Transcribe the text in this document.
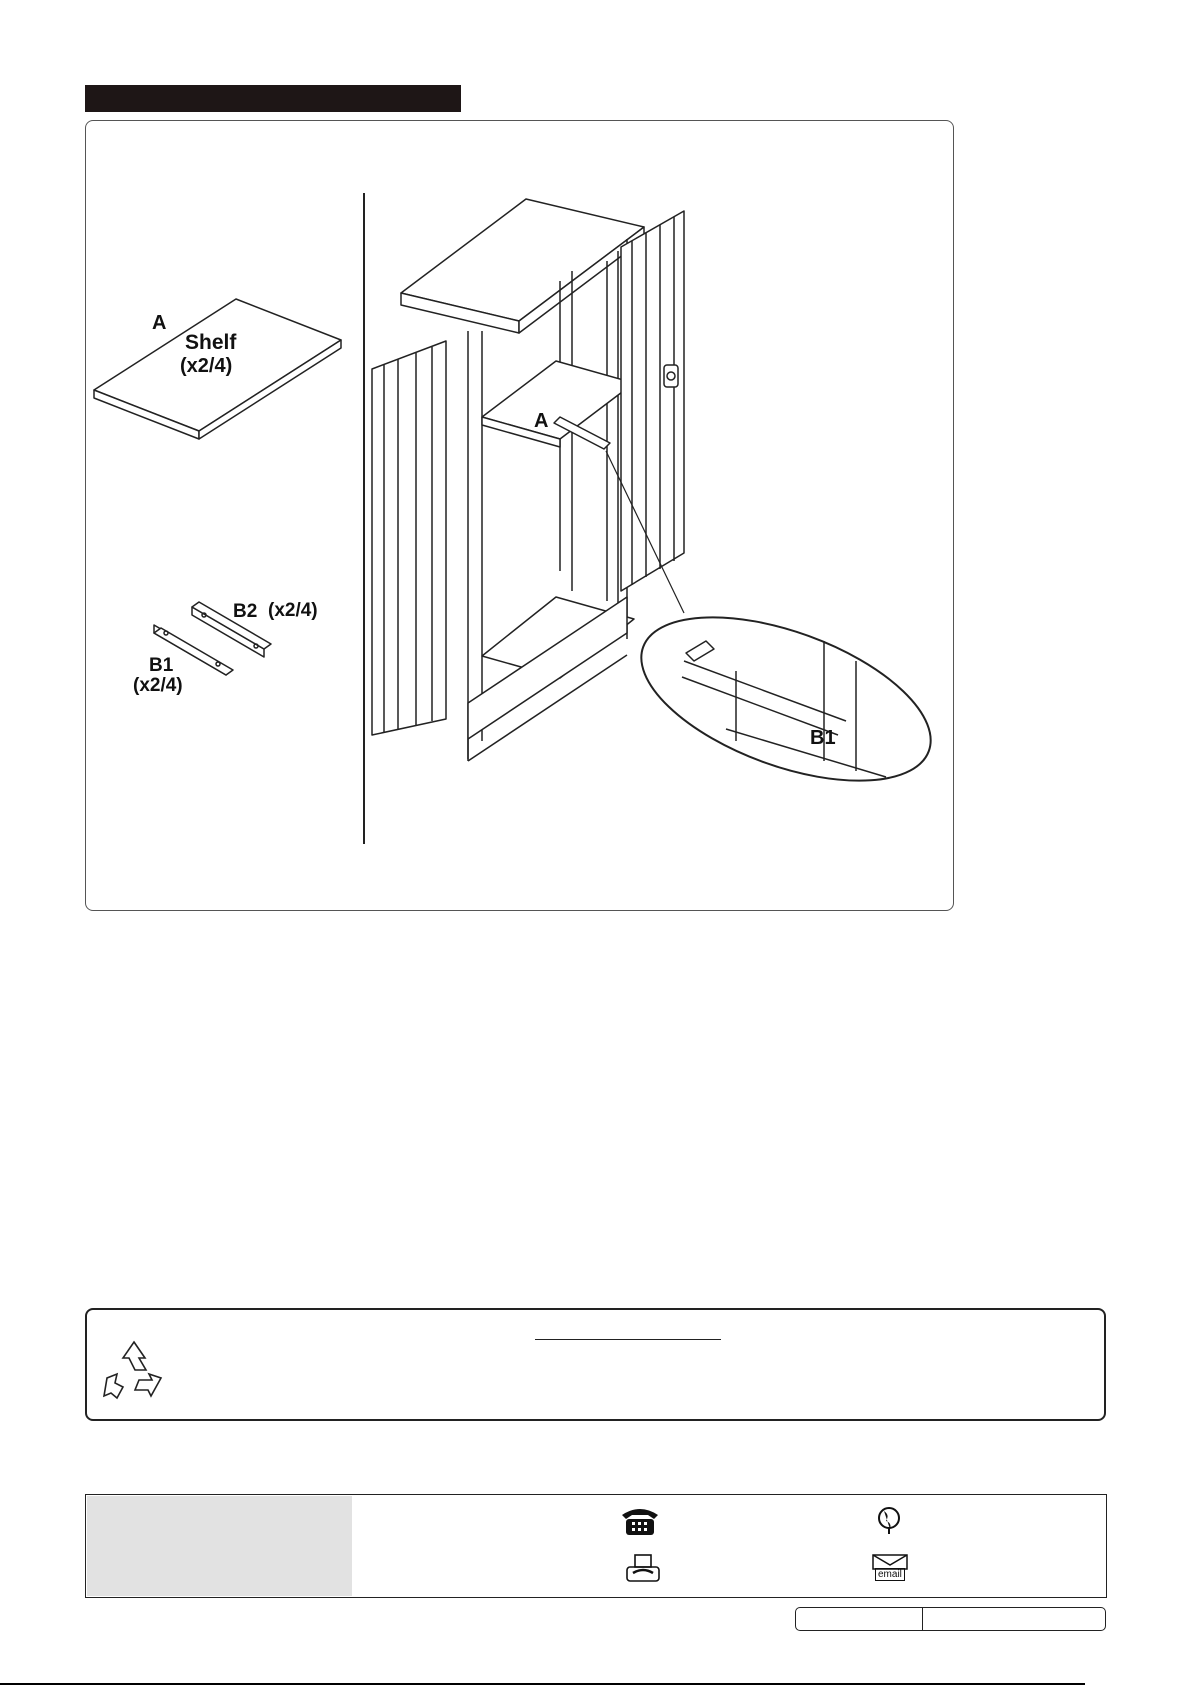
A
Shelf
(x2/4)
B2 (x2/4)
B1
(x2/4)
A
B1
email
